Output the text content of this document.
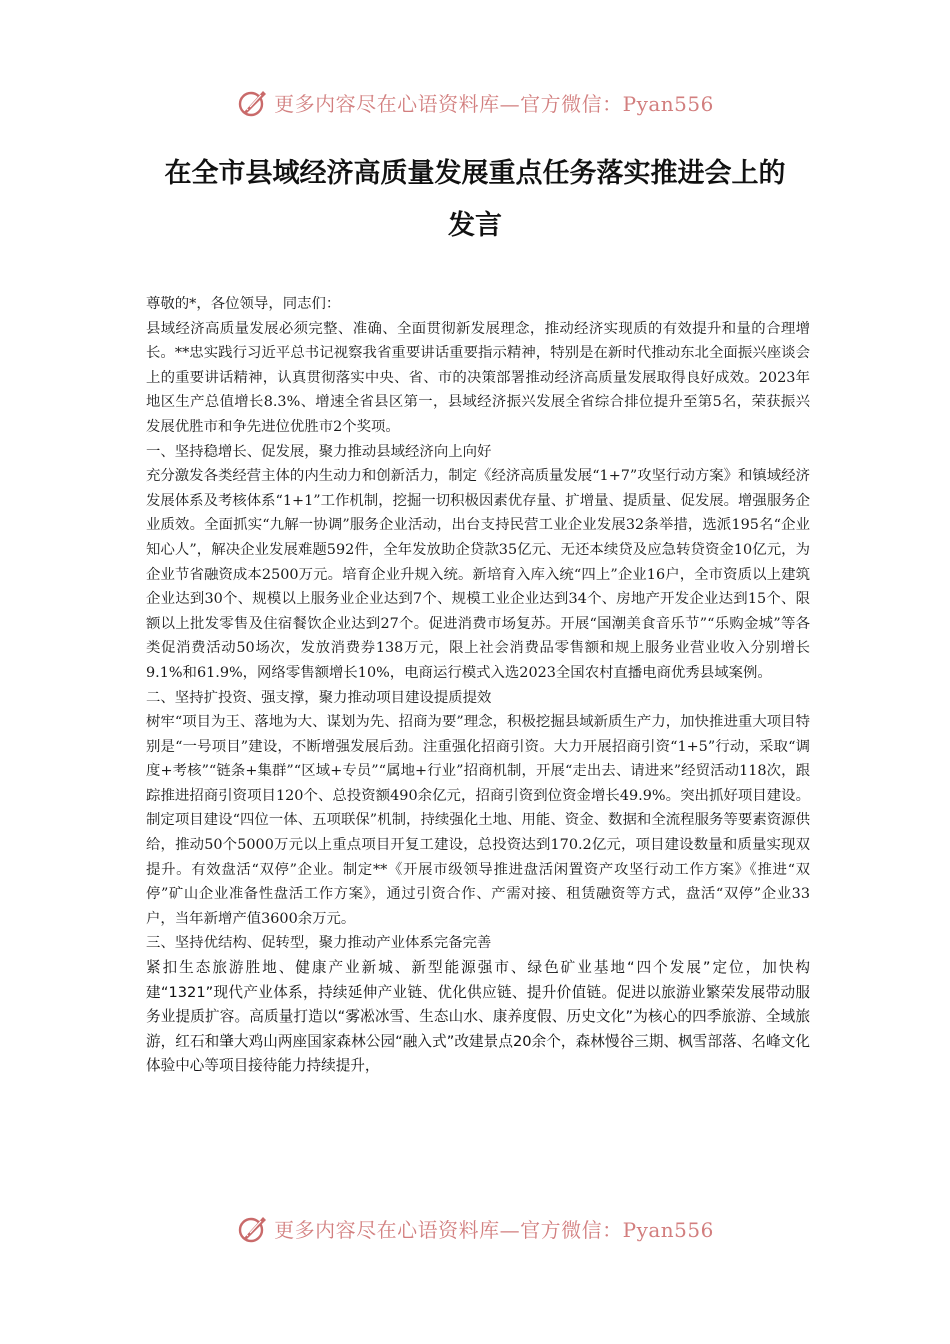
更多内容尽在心语资料库—官方微信：Pyan556
在全市县域经济高质量发展重点任务落实推进会上的
发言

尊敬的*，各位领导，同志们：

县域经济高质量发展必须完整、准确、全面贯彻新发展理念，推动经济实现质的有效提升和量的合理增长。**忠实践行习近平总书记视察我省重要讲话重要指示精神，特别是在新时代推动东北全面振兴座谈会上的重要讲话精神，认真贯彻落实中央、省、市的决策部署推动经济高质量发展取得良好成效。2023年地区生产总值增长8.3%、增速全省县区第一，县域经济振兴发展全省综合排位提升至第5名，荣获振兴发展优胜市和争先进位优胜市2个奖项。

一、坚持稳增长、促发展，聚力推动县域经济向上向好

充分激发各类经营主体的内生动力和创新活力，制定《经济高质量发展“1+7”攻坚行动方案》和镇域经济发展体系及考核体系“1+1”工作机制，挖掘一切积极因素优存量、扩增量、提质量、促发展。增强服务企业质效。全面抓实“九解一协调”服务企业活动，出台支持民营工业企业发展32条举措，选派195名“企业知心人”，解决企业发展难题592件，全年发放助企贷款35亿元、无还本续贷及应急转贷资金10亿元，为企业节省融资成本2500万元。培育企业升规入统。新培育入库入统“四上”企业16户，全市资质以上建筑企业达到30个、规模以上服务业企业达到7个、规模工业企业达到34个、房地产开发企业达到15个、限额以上批发零售及住宿餐饮企业达到27个。促进消费市场复苏。开展“国潮美食音乐节”“乐购金城”等各类促消费活动50场次，发放消费券138万元，限上社会消费品零售额和规上服务业营业收入分别增长9.1%和61.9%，网络零售额增长10%，电商运行模式入选2023全国农村直播电商优秀县域案例。

二、坚持扩投资、强支撑，聚力推动项目建设提质提效

树牢“项目为王、落地为大、谋划为先、招商为要”理念，积极挖掘县域新质生产力，加快推进重大项目特别是“一号项目”建设，不断增强发展后劲。注重强化招商引资。大力开展招商引资“1+5”行动，采取“调度+考核”“链条+集群”“区域+专员”“属地+行业”招商机制，开展“走出去、请进来”经贸活动118次，跟踪推进招商引资项目120个、总投资额490余亿元，招商引资到位资金增长49.9%。突出抓好项目建设。制定项目建设“四位一体、五项联保”机制，持续强化土地、用能、资金、数据和全流程服务等要素资源供给，推动50个5000万元以上重点项目开复工建设，总投资达到170.2亿元，项目建设数量和质量实现双提升。有效盘活“双停”企业。制定**《开展市级领导推进盘活闲置资产攻坚行动工作方案》《推进“双停”矿山企业准备性盘活工作方案》，通过引资合作、产需对接、租赁融资等方式，盘活“双停”企业33户，当年新增产值3600余万元。

三、坚持优结构、促转型，聚力推动产业体系完备完善

紧扣生态旅游胜地、健康产业新城、新型能源强市、绿色矿业基地“四个发展”定位，加快构建“1321”现代产业体系，持续延伸产业链、优化供应链、提升价值链。促进以旅游业繁荣发展带动服务业提质扩容。高质量打造以“雾凇冰雪、生态山水、康养度假、历史文化”为核心的四季旅游、全域旅游，红石和肇大鸡山两座国家森林公园“融入式”改建景点20余个，森林慢谷三期、枫雪部落、名峰文化体验中心等项目接待能力持续提升，

更多内容尽在心语资料库—官方微信：Pyan556
